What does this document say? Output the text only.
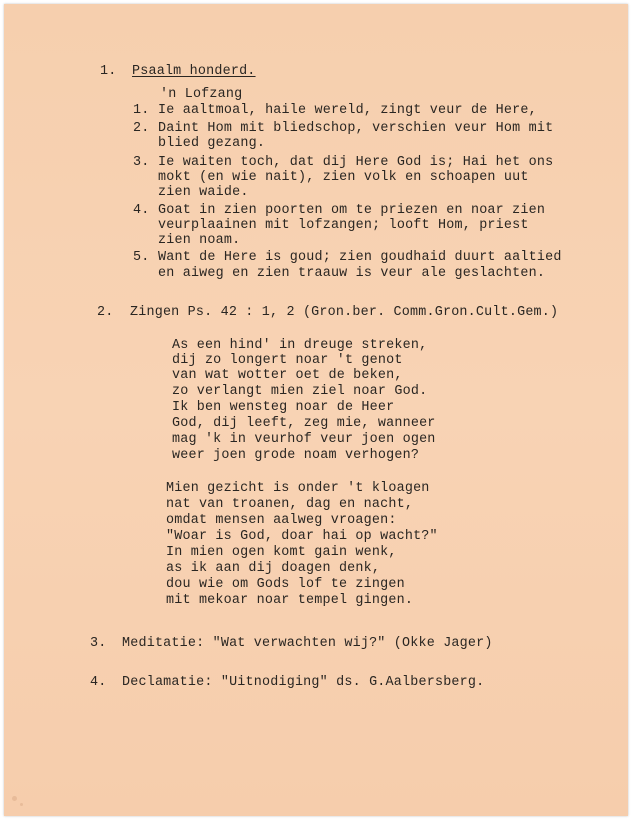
1. Psaalm honderd.
'n Lofzang
1. Ie aaltmoal, haile wereld, zingt veur de Here,
2. Daint Hom mit bliedschop, verschien veur Hom mit
blied gezang.
3. Ie waiten toch, dat dij Here God is; Hai het ons
mokt (en wie nait), zien volk en schoapen uut
zien waide.
4. Goat in zien poorten om te priezen en noar zien
veurplaainen mit lofzangen; looft Hom, priest
zien noam.
5. Want de Here is goud; zien goudhaid duurt aaltied
en aiweg en zien traauw is veur ale geslachten.
2. Zingen Ps. 42 : 1, 2 (Gron.ber. Comm.Gron.Cult.Gem.)
As een hind' in dreuge streken,
dij zo longert noar 't genot
van wat wotter oet de beken,
zo verlangt mien ziel noar God.
Ik ben wensteg noar de Heer
God, dij leeft, zeg mie, wanneer
mag 'k in veurhof veur joen ogen
weer joen grode noam verhogen?
Mien gezicht is onder 't kloagen
nat van troanen, dag en nacht,
omdat mensen aalweg vroagen:
"Woar is God, doar hai op wacht?"
In mien ogen komt gain wenk,
as ik aan dij doagen denk,
dou wie om Gods lof te zingen
mit mekoar noar tempel gingen.
3. Meditatie: "Wat verwachten wij?" (Okke Jager)
4. Declamatie: "Uitnodiging" ds. G.Aalbersberg.
